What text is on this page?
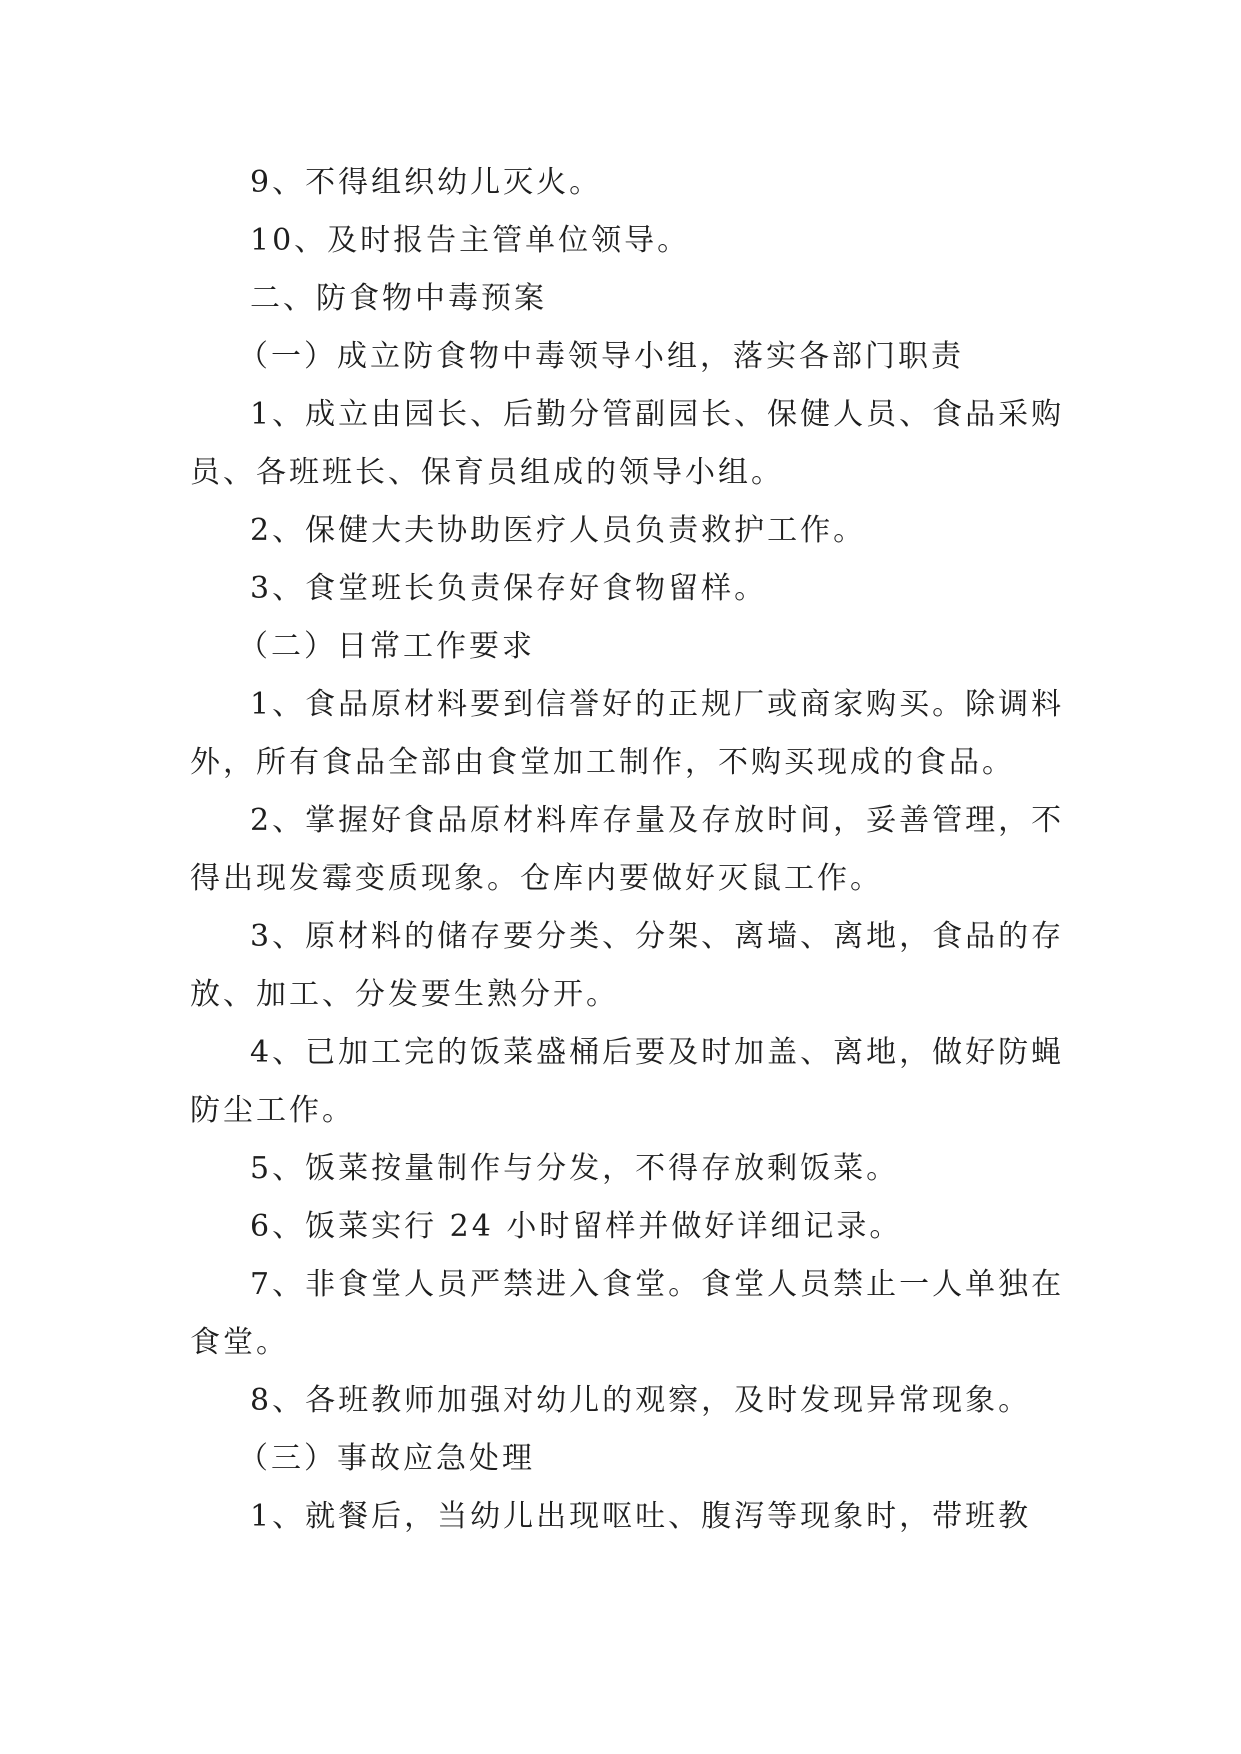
9、不得组织幼儿灭火。

10、及时报告主管单位领导。

二、防食物中毒预案

（一）成立防食物中毒领导小组，落实各部门职责

1、成立由园长、后勤分管副园长、保健人员、食品采购员、各班班长、保育员组成的领导小组。

2、保健大夫协助医疗人员负责救护工作。

3、食堂班长负责保存好食物留样。

（二）日常工作要求

1、食品原材料要到信誉好的正规厂或商家购买。除调料外，所有食品全部由食堂加工制作，不购买现成的食品。

2、掌握好食品原材料库存量及存放时间，妥善管理，不得出现发霉变质现象。仓库内要做好灭鼠工作。

3、原材料的储存要分类、分架、离墙、离地，食品的存放、加工、分发要生熟分开。

4、已加工完的饭菜盛桶后要及时加盖、离地，做好防蝇防尘工作。

5、饭菜按量制作与分发，不得存放剩饭菜。

6、饭菜实行 24 小时留样并做好详细记录。

7、非食堂人员严禁进入食堂。食堂人员禁止一人单独在食堂。

8、各班教师加强对幼儿的观察，及时发现异常现象。

（三）事故应急处理

1、就餐后，当幼儿出现呕吐、腹泻等现象时，带班教
